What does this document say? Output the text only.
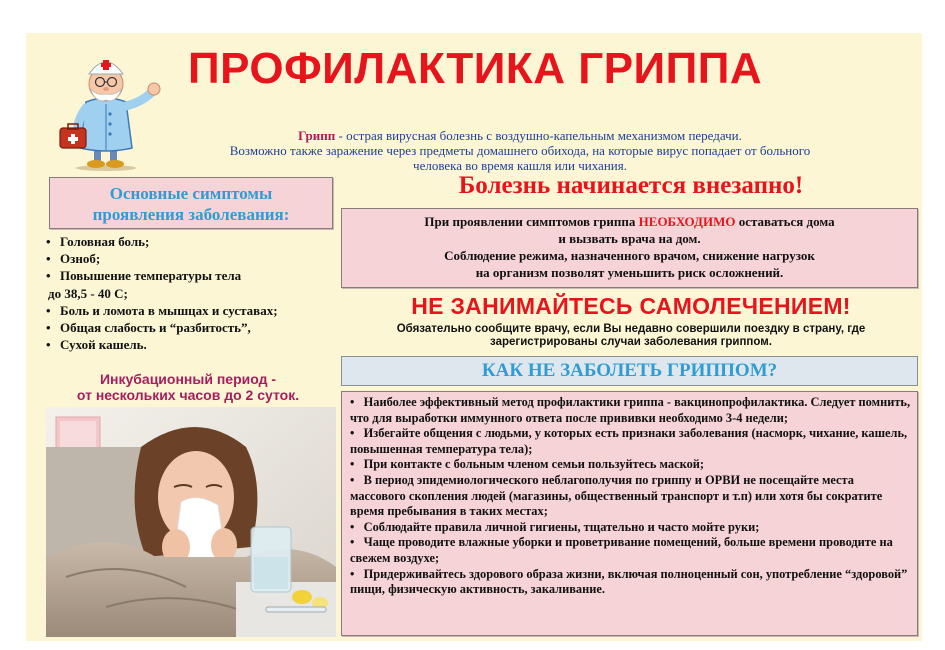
ПРОФИЛАКТИКА ГРИППА
Грипп - острая вирусная болезнь с воздушно-капельным механизмом передачи.
Возможно также заражение через предметы домашнего обихода, на которые вирус попадает от больного
человека во время кашля или чихания.
Основные симптомы
проявления заболевания:
• Головная боль;
• Озноб;
• Повышение температуры тела
до 38,5 - 40 С;
• Боль и ломота в мышцах и суставах;
• Общая слабость и “разбитость”,
• Сухой кашель.
Инкубационный период -
от нескольких часов до 2 суток.
Болезнь начинается внезапно!
При проявлении симптомов гриппа НЕОБХОДИМО оставаться дома
и вызвать врача на дом.
Соблюдение режима, назначенного врачом, снижение нагрузок
на организм позволят уменьшить риск осложнений.
НЕ ЗАНИМАЙТЕСЬ САМОЛЕЧЕНИЕМ!
Обязательно сообщите врачу, если Вы недавно совершили поездку в страну, где
зарегистрированы случаи заболевания гриппом.
КАК НЕ ЗАБОЛЕТЬ ГРИППОМ?
•   Наиболее эффективный метод профилактики гриппа - вакцинопрофилактика. Следует помнить, что для выработки иммунного ответа после прививки необходимо 3-4 недели;
•   Избегайте общения с людьми, у которых есть признаки заболевания (насморк, чихание, кашель, повышенная температура тела);
•   При контакте с больным членом семьи пользуйтесь маской;
•   В период эпидемиологического неблагополучия по гриппу и ОРВИ не посещайте места массового скопления людей (магазины, общественный транспорт и т.п) или хотя бы сократите время пребывания в таких местах;
•   Соблюдайте правила личной гигиены, тщательно и часто мойте руки;
•   Чаще проводите влажные уборки и проветривание помещений, больше времени проводите на свежем воздухе;
•   Придерживайтесь здорового образа жизни, включая полноценный сон, употребление “здоровой” пищи, физическую активность, закаливание.
